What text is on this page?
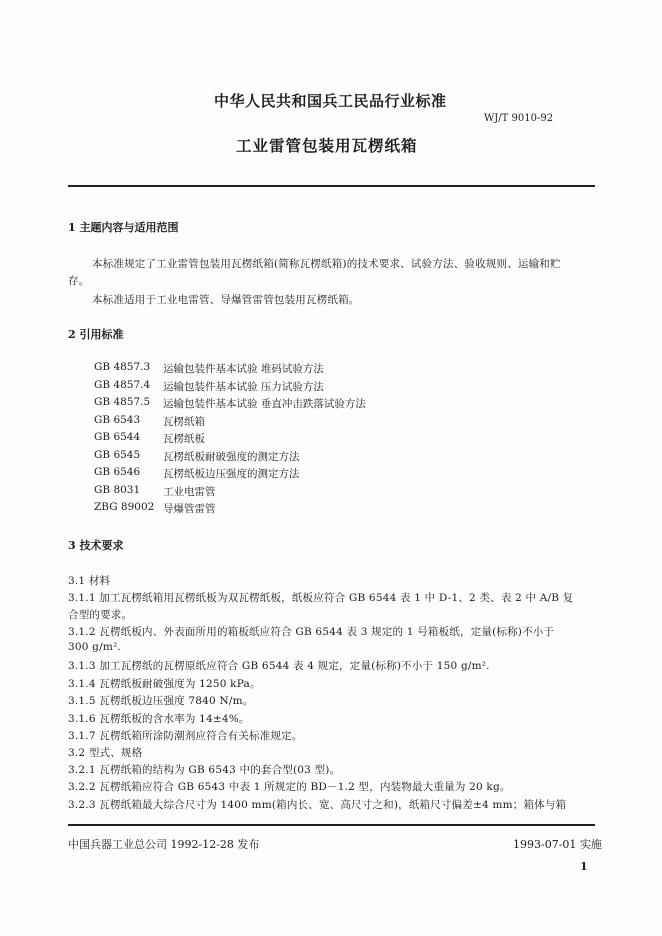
中华人民共和国兵工民品行业标准
WJ/T 9010-92
工业雷管包装用瓦楞纸箱
1 主题内容与适用范围
本标准规定了工业雷管包装用瓦楞纸箱(简称瓦楞纸箱)的技术要求、试验方法、验收规则、运输和贮
存。
本标准适用于工业电雷管、导爆管雷管包装用瓦楞纸箱。
2 引用标准
GB 4857.3 运输包装件基本试验 堆码试验方法
GB 4857.4 运输包装件基本试验 压力试验方法
GB 4857.5 运输包装件基本试验 垂直冲击跌落试验方法
GB 6543 瓦楞纸箱
GB 6544 瓦楞纸板
GB 6545 瓦楞纸板耐破强度的测定方法
GB 6546 瓦楞纸板边压强度的测定方法
GB 8031 工业电雷管
ZBG 89002 导爆管雷管
3 技术要求
3.1 材料
3.1.1 加工瓦楞纸箱用瓦楞纸板为双瓦楞纸板，纸板应符合 GB 6544 表 1 中 D-1、2 类、表 2 中 A/B 复
合型的要求。
3.1.2 瓦楞纸板内、外表面所用的箱板纸应符合 GB 6544 表 3 规定的 1 号箱板纸，定量(标称)不小于
300 g/m².
3.1.3 加工瓦楞纸的瓦楞原纸应符合 GB 6544 表 4 规定，定量(标称)不小于 150 g/m².
3.1.4 瓦楞纸板耐破强度为 1250 kPa。
3.1.5 瓦楞纸板边压强度 7840 N/m。
3.1.6 瓦楞纸板的含水率为 14±4%。
3.1.7 瓦楞纸箱所涂防潮剂应符合有关标准规定。
3.2 型式、规格
3.2.1 瓦楞纸箱的结构为 GB 6543 中的套合型(03 型)。
3.2.2 瓦楞纸箱应符合 GB 6543 中表 1 所规定的 BD－1.2 型，内装物最大重量为 20 kg。
3.2.3 瓦楞纸箱最大综合尺寸为 1400 mm(箱内长、宽、高尺寸之和)，纸箱尺寸偏差±4 mm；箱体与箱
中国兵器工业总公司 1992-12-28 发布	1993-07-01 实施
1
